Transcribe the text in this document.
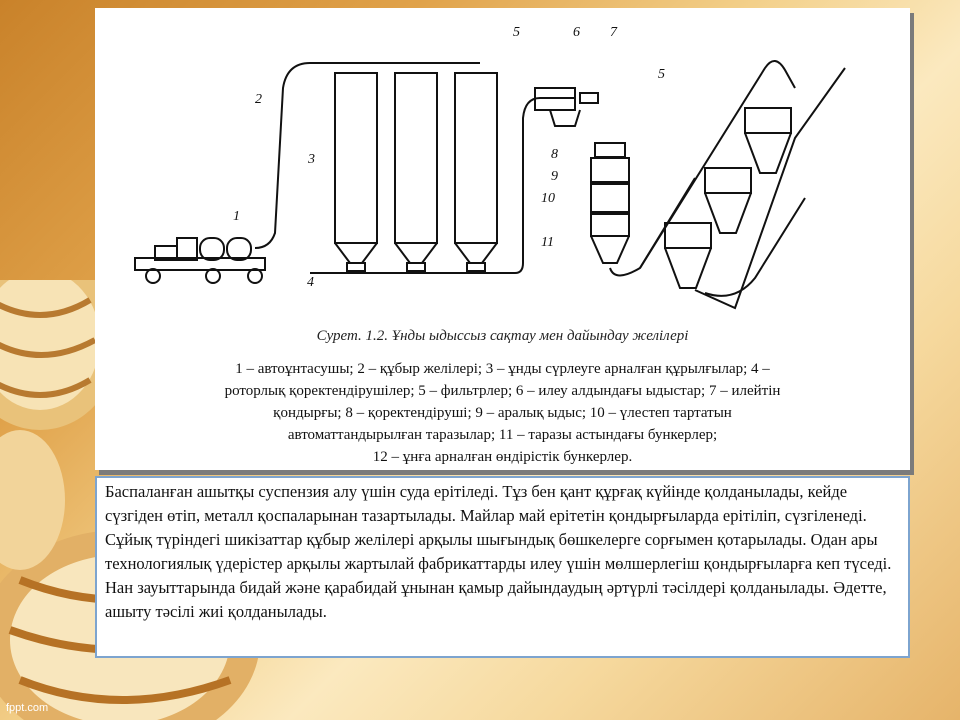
1
2
3
4
5	6 7
5
8
9
10
11
Сурет. 1.2. Ұнды ыдыссыз сақтау мен дайындау желілері
1 – автоұнтасушы; 2 – құбыр желілері; 3 – ұнды сүрлеуге арналған құрылғылар; 4 –
роторлық қоректендірушілер; 5 – фильтрлер; 6 – илеу алдындағы ыдыстар; 7 – илейтін
қондырғы; 8 – қоректендіруші; 9 – аралық ыдыс; 10 – үлестеп тартатын
автоматтандырылған таразылар; 11 – таразы астындағы бункерлер;
12 – ұнға арналған өндірістік бункерлер.
Баспаланған ашытқы суспензия алу үшін суда ерітіледі. Тұз бен қант құрғақ күйінде қолданылады, кейде сүзгіден өтіп, металл қоспаларынан тазартылады. Майлар май ерітетін қондырғыларда ерітіліп, сүзгіленеді. Сұйық түріндегі шикізаттар құбыр желілері арқылы шығындық бөшкелерге сорғымен қотарылады. Одан ары технологиялық үдерістер арқылы жартылай фабрикаттарды илеу үшін мөлшерлегіш қондырғыларға кеп түседі. Нан зауыттарында бидай және қарабидай ұнынан қамыр дайындаудың әртүрлі тәсілдері қолданылады. Әдетте, ашыту тәсілі жиі қолданылады.
fppt.com
